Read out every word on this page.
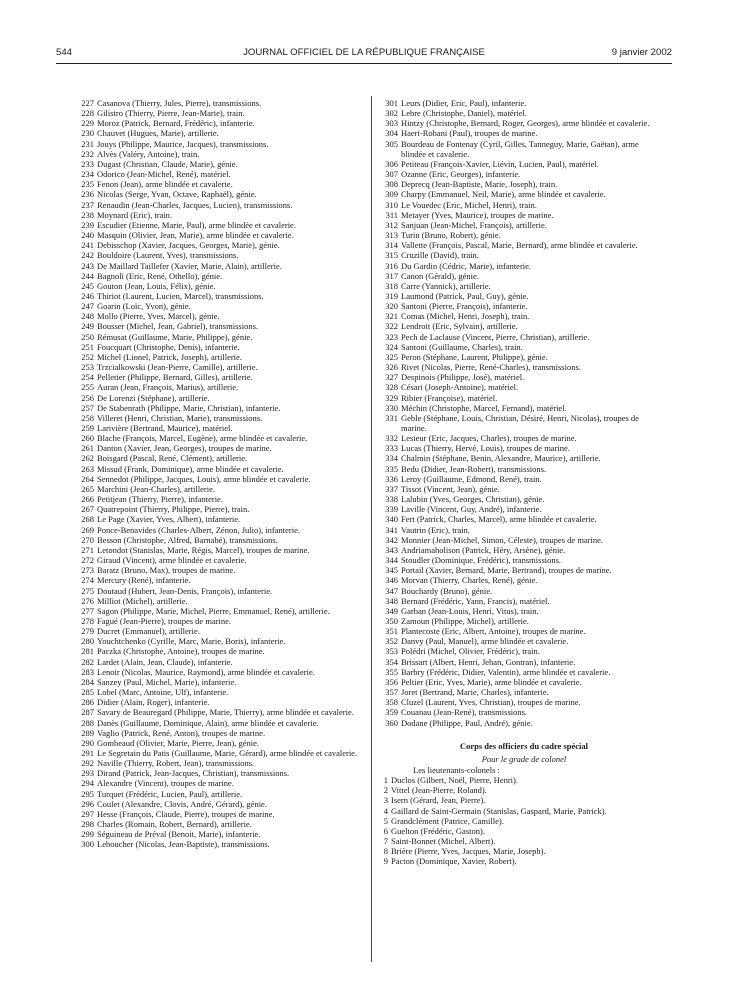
544	JOURNAL OFFICIEL DE LA RÉPUBLIQUE FRANÇAISE	9 janvier 2002
227 Casanova (Thierry, Jules, Pierre), transmissions.
228 Gilistro (Thierry, Pierre, Jean-Marie), train.
229 Moroz (Patrick, Bernard, Frédéric), infanterie.
230 Chauvet (Hugues, Marie), artillerie.
231 Jouys (Philippe, Maurice, Jacques), transmissions.
232 Alvès (Valéry, Antoine), train.
233 Dugast (Christian, Claude, Marie), génie.
234 Odorico (Jean-Michel, René), matériel.
235 Fenon (Jean), arme blindée et cavalerie.
236 Nicolas (Serge, Yvan, Octave, Raphaël), génie.
237 Renaudin (Jean-Charles, Jacques, Lucien), transmissions.
238 Moynard (Eric), train.
239 Escudier (Etienne, Marie, Paul), arme blindée et cavalerie.
240 Masquin (Olivier, Jean, Marie), arme blindée et cavalerie.
241 Debisschop (Xavier, Jacques, Georges, Marie), génie.
242 Bouldoire (Laurent, Yves), transmissions.
243 De Maillard Taillefer (Xavier, Marie, Alain), artillerie.
244 Bagnoli (Eric, René, Othello), génie.
245 Gouton (Jean, Louis, Félix), génie.
246 Thiriot (Laurent, Lucien, Marcel), transmissions.
247 Goarin (Loïc, Yvon), génie.
248 Mollo (Pierre, Yves, Marcel), génie.
249 Bousser (Michel, Jean, Gabriel), transmissions.
250 Rémusat (Guillaume, Marie, Philippe), génie.
251 Foucquart (Christophe, Denis), infanterie.
252 Michel (Lionel, Patrick, Joseph), artillerie.
253 Trzcialkowski (Jean-Pierre, Camille), artillerie.
254 Pelletier (Philippe, Bernard, Gilles), artillerie.
255 Auran (Jean, François, Marius), artillerie.
256 De Lorenzi (Stéphane), artillerie.
257 De Stabenrath (Philippe, Marie, Christian), infanterie.
258 Villeret (Henri, Christian, Marie), transmissions.
259 Larivière (Bertrand, Maurice), matériel.
260 Blache (François, Marcel, Eugène), arme blindée et cavalerie.
261 Danton (Xavier, Jean, Georges), troupes de marine.
262 Boisgard (Pascal, René, Clément), artillerie.
263 Missud (Frank, Dominique), arme blindée et cavalerie.
264 Sennedot (Philippe, Jacques, Louis), arme blindée et cavalerie.
265 Marchini (Jean-Charles), artillerie.
266 Petitjean (Thierry, Pierre), infanterie.
267 Quatrepoint (Thierry, Philippe, Pierre), train.
268 Le Page (Xavier, Yves, Albert), infanterie.
269 Ponce-Benavides (Charles-Albert, Zénon, Julio), infanterie.
270 Besson (Christophe, Alfred, Barnabé), transmissions.
271 Letondot (Stanislas, Marie, Régis, Marcel), troupes de marine.
272 Giraud (Vincent), arme blindée et cavalerie.
273 Baratz (Bruno, Max), troupes de marine.
274 Mercury (René), infanterie.
275 Doutaud (Hubert, Jean-Denis, François), infanterie.
276 Milliot (Michel), artillerie.
277 Sagon (Philippe, Marie, Michel, Pierre, Emmanuel, René), artillerie.
278 Fagué (Jean-Pierre), troupes de marine.
279 Ducret (Emmanuel), artillerie.
280 Youchtchenko (Cyrille, Marc, Marie, Boris), infanterie.
281 Paczka (Christophe, Antoine), troupes de marine.
282 Lardet (Alain, Jean, Claude), infanterie.
283 Lenoir (Nicolas, Maurice, Raymond), arme blindée et cavalerie.
284 Sanzey (Paul, Michel, Marie), infanterie.
285 Lobel (Marc, Antoine, Ulf), infanterie.
286 Didier (Alain, Roger), infanterie.
287 Savary de Beauregard (Philippe, Marie, Thierry), arme blindée et cavalerie.
288 Danès (Guillaume, Dominique, Alain), arme blindée et cavalerie.
289 Vaglio (Patrick, René, Anton), troupes de marine.
290 Gombeaud (Olivier, Marie, Pierre, Jean), génie.
291 Le Segretain du Patis (Guillaume, Marie, Gérard), arme blindée et cavalerie.
292 Naville (Thierry, Robert, Jean), transmissions.
293 Dirand (Patrick, Jean-Jacques, Christian), transmissions.
294 Alexandre (Vincent), troupes de marine.
295 Turquet (Frédéric, Lucien, Paul), artillerie.
296 Coulet (Alexandre, Clovis, André, Gérard), génie.
297 Hesse (François, Claude, Pierre), troupes de marine.
298 Charles (Romain, Robert, Bernard), artillerie.
299 Séguineau de Préval (Benoit, Marie), infanterie.
300 Leboucher (Nicolas, Jean-Baptiste), transmissions.
301 Leurs (Didier, Eric, Paul), infanterie.
302 Lebre (Christophe, Daniel), matériel.
303 Hintzy (Christophe, Bernard, Roger, Georges), arme blindée et cavalerie.
304 Haeri-Rohani (Paul), troupes de marine.
305 Bourdeau de Fontenay (Cyril, Gilles, Tanneguy, Marie, Gaëtan), arme blindée et cavalerie.
306 Petiteau (François-Xavier, Liévin, Lucien, Paul), matériel.
307 Ozanne (Eric, Georges), infanterie.
308 Deprecq (Jean-Baptiste, Marie, Joseph), train.
309 Charpy (Emmanuel, Neil, Marie), arme blindée et cavalerie.
310 Le Vouedec (Eric, Michel, Henri), train.
311 Metayer (Yves, Maurice), troupes de marine.
312 Sanjuan (Jean-Michel, François), artillerie.
313 Turin (Bruno, Robert), génie.
314 Vallette (François, Pascal, Marie, Bernard), arme blindée et cavalerie.
315 Cruzille (David), train.
316 Du Gardin (Cédric, Marie), infanterie.
317 Canon (Gérald), génie.
318 Carre (Yannick), artillerie.
319 Laumond (Patrick, Paul, Guy), génie.
320 Santoni (Pierre, François), infanterie.
321 Comas (Michel, Henri, Joseph), train.
322 Lendroit (Eric, Sylvain), artillerie.
323 Pech de Laclause (Vincent, Pierre, Christian), artillerie.
324 Santoni (Guillaume, Charles), train.
325 Peron (Stéphane, Laurent, Philippe), génie.
326 Rivet (Nicolas, Pierre, René-Charles), transmissions.
327 Despinois (Philippe, José), matériel.
328 Césari (Joseph-Antoine), matériel.
329 Ribier (Françoise), matériel.
330 Méchin (Christophe, Marcel, Fernand), matériel.
331 Geble (Stéphane, Louis, Christian, Désiré, Henri, Nicolas), troupes de marine.
332 Lesieur (Eric, Jacques, Charles), troupes de marine.
333 Lucas (Thierry, Hervé, Louis), troupes de marine.
334 Chalmin (Stéphane, Benin, Alexandre, Maurice), artillerie.
335 Bedu (Didier, Jean-Robert), transmissions.
336 Leroy (Guillaume, Edmond, René), train.
337 Tissot (Vincent, Jean), génie.
338 Lalubin (Yves, Georges, Christian), génie.
339 Laville (Vincent, Guy, André), infanterie.
340 Fert (Patrick, Charles, Marcel), arme blindée et cavalerie.
341 Vautrin (Eric), train.
342 Monnier (Jean-Michel, Simon, Céleste), troupes de marine.
343 Andriamaholison (Patrick, Héry, Arsène), génie.
344 Stoudler (Dominique, Frédéric), transmissions.
345 Portail (Xavier, Bernard, Marie, Bertrand), troupes de marine.
346 Morvan (Thierry, Charles, René), génie.
347 Bouchardy (Bruno), génie.
348 Bernard (Frédéric, Yann, Francis), matériel.
349 Garban (Jean-Louis, Henri, Vitus), train.
350 Zamoun (Philippe, Michel), artillerie.
351 Plantecoste (Eric, Albert, Antoine), troupes de marine.
352 Danvy (Paul, Manuel), arme blindée et cavalerie.
353 Polédri (Michel, Olivier, Frédéric), train.
354 Brissart (Albert, Henri, Jehan, Gontran), infanterie.
355 Barbry (Frédéric, Didier, Valentin), arme blindée et cavalerie.
356 Peltier (Eric, Yves, Marie), arme blindée et cavalerie.
357 Joret (Bertrand, Marie, Charles), infanterie.
358 Cluzel (Laurent, Yves, Christian), troupes de marine.
359 Couanau (Jean-René), transmissions.
360 Dodane (Philippe, Paul, André), génie.
Corps des officiers du cadre spécial
Pour le grade de colonel
Les lieutenants-colonels :
1 Duclos (Gilbert, Noël, Pierre, Henri).
2 Vittel (Jean-Pierre, Roland).
3 Isern (Gérard, Jean, Pierre).
4 Gaillard de Saint-Germain (Stanislas, Gaspard, Marie, Patrick).
5 Grandclément (Patrice, Camille).
6 Guelton (Frédéric, Gaston).
7 Saint-Bonnet (Michel, Albert).
8 Brière (Pierre, Yves, Jacques, Marie, Joseph).
9 Pacton (Dominique, Xavier, Robert).
